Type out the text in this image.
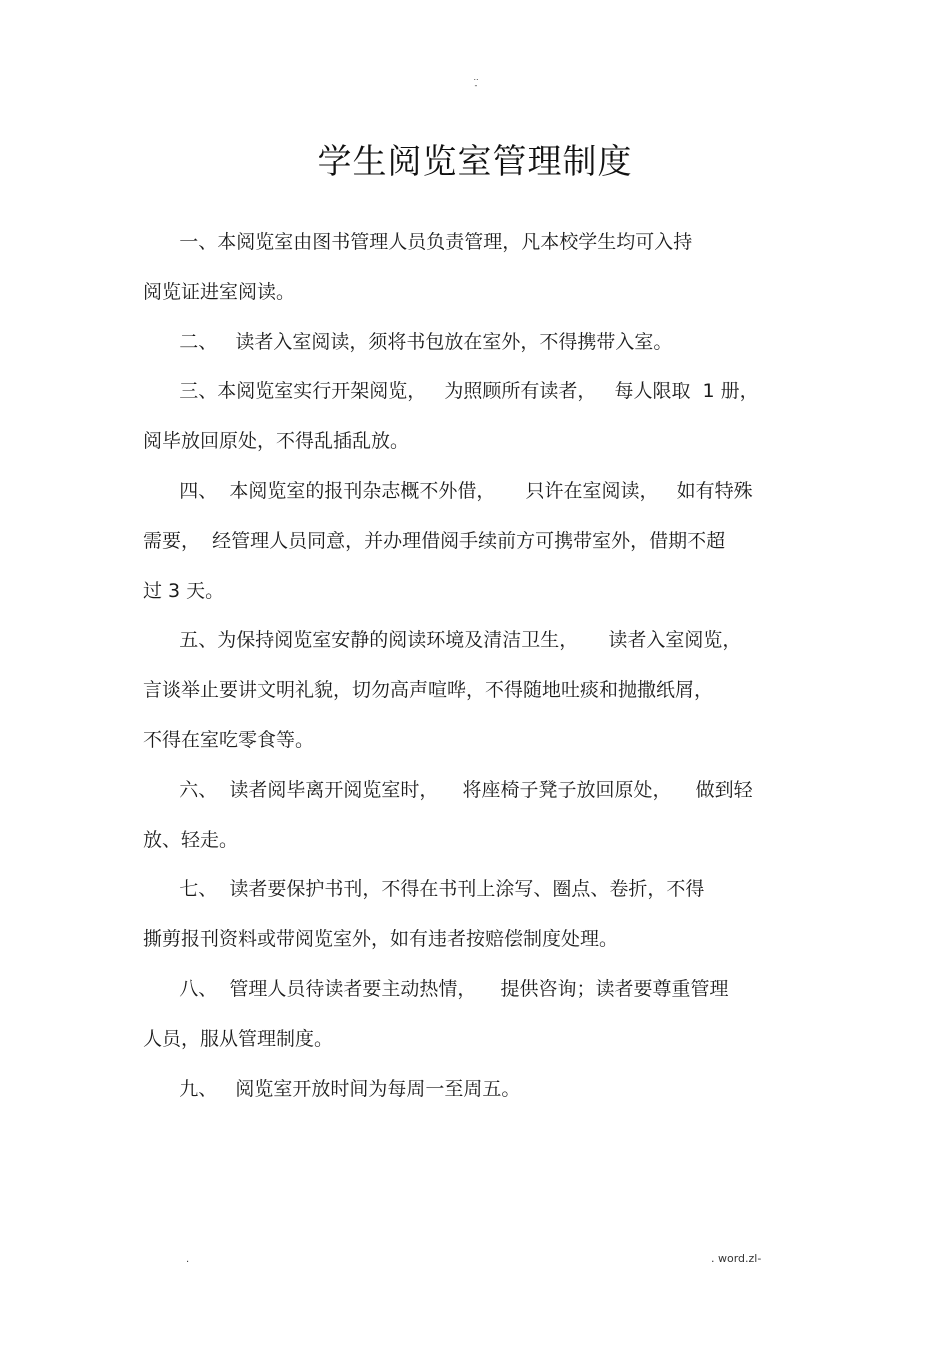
..
-
学生阅览室管理制度
一、本阅览室由图书管理人员负责管理，凡本校学生均可入持
阅览证进室阅读。
二、   读者入室阅读，须将书包放在室外，不得携带入室。
三、本阅览室实行开架阅览，   为照顾所有读者，   每人限取  1 册，
阅毕放回原处，不得乱插乱放。
四、  本阅览室的报刊杂志概不外借，     只许在室阅读，   如有特殊
需要，  经管理人员同意，并办理借阅手续前方可携带室外，借期不超
过 3 天。
五、为保持阅览室安静的阅读环境及清洁卫生，     读者入室阅览，
言谈举止要讲文明礼貌，切勿高声喧哗，不得随地吐痰和抛撒纸屑，
不得在室吃零食等。
六、  读者阅毕离开阅览室时，    将座椅子凳子放回原处，    做到轻
放、轻走。
七、  读者要保护书刊，不得在书刊上涂写、圈点、卷折，不得
撕剪报刊资料或带阅览室外，如有违者按赔偿制度处理。
八、  管理人员待读者要主动热情，    提供咨询；读者要尊重管理
人员，服从管理制度。
九、   阅览室开放时间为每周一至周五。
.	. word.zl-
